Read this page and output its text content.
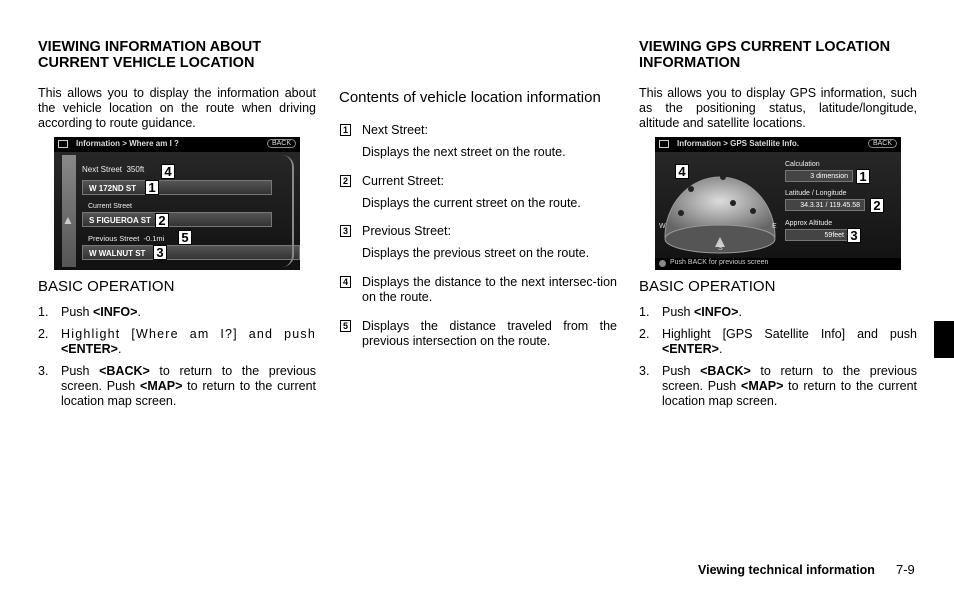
VIEWING INFORMATION ABOUT
CURRENT VEHICLE LOCATION

This allows you to display the information about the vehicle location on the route when driving according to route guidance.

Information > Where am I ?	BACK
▲
Next Street 350ft
W 172ND ST
Current Street
S FIGUEROA ST
Previous Street -0.1mi
W WALNUT ST
4
1
2
5
3
BASIC OPERATION
1. Push <INFO>.
2. Highlight [Where am I?] and push <ENTER>.
3. Push <BACK> to return to the previous screen. Push <MAP> to return to the current location map screen.
Contents of vehicle location information
1 Next Street:
Displays the next street on the route.
2 Current Street:
Displays the current street on the route.
3 Previous Street:
Displays the previous street on the route.
4 Displays the distance to the next intersec-tion on the route.
5 Displays the distance traveled from the previous intersection on the route.
VIEWING GPS CURRENT LOCATION
INFORMATION

This allows you to display GPS information, such as the positioning status, latitude/longitude, altitude and satellite locations.

Information > GPS Satellite Info.	BACK
W	E
S
Calculation
3 dimension
Latitude / Longitude
34.3.31 / 119.45.58
Approx Altitude
59feet
Push BACK for previous screen
4	1
2
3
BASIC OPERATION
1. Push <INFO>.
2. Highlight [GPS Satellite Info] and push <ENTER>.
3. Push <BACK> to return to the previous screen. Push <MAP> to return to the current location map screen.
Viewing technical information 7-9
